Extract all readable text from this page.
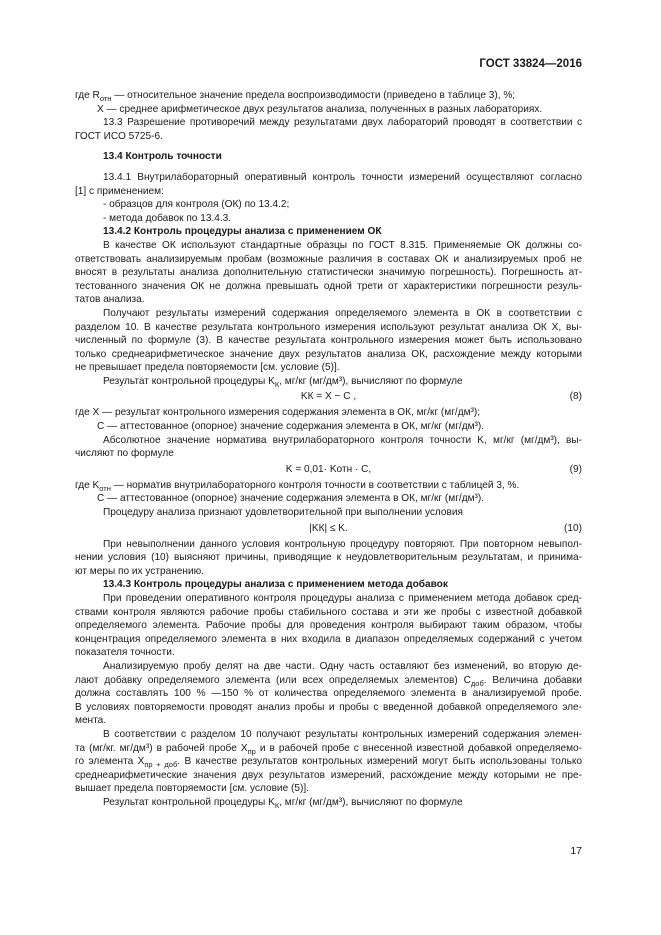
ГОСТ 33824—2016
где $R_{отн}$ — относительное значение предела воспроизводимости (приведено в таблице 3), %;
X — среднее арифметическое двух результатов анализа, полученных в разных лабораториях.
13.3 Разрешение противоречий между результатами двух лабораторий проводят в соответствии с
ГОСТ ИСО 5725-6.
13.4 Контроль точности
13.4.1 Внутрилабораторный оперативный контроль точности измерений осуществляют согласно
[1] с применением:
- образцов для контроля (ОК) по 13.4.2;
- метода добавок по 13.4.3.
13.4.2 Контроль процедуры анализа с применением ОК
В качестве ОК используют стандартные образцы по ГОСТ 8.315. Применяемые ОК должны со-
ответствовать анализируемым пробам (возможные различия в составах ОК и анализируемых проб не
вносят в результаты анализа дополнительную статистически значимую погрешность). Погрешность ат-
тестованного значения ОК не должна превышать одной трети от характеристики погрешности резуль-
татов анализа.
Получают результаты измерений содержания определяемого элемента в ОК в соответствии с
разделом 10. В качестве результата контрольного измерения используют результат анализа ОК X, вы-
численный по формуле (3). В качестве результата контрольного измерения может быть использовано
только среднеарифметическое значение двух результатов анализа ОК, расхождение между которыми
не превышает предела повторяемости [см. условие (5)].
Результат контрольной процедуры $K_К$, мг/кг (мг/дм³), вычисляют по формуле
KК = X − C ,	(8)
где X — результат контрольного измерения содержания элемента в ОК, мг/кг (мг/дм³);
C — аттестованное (опорное) значение содержания элемента в ОК, мг/кг (мг/дм³).
Абсолютное значение норматива внутрилабораторного контроля точности K, мг/кг (мг/дм³), вы-
числяют по формуле
K = 0,01· Kотн · C,	(9)
где $K_{отн}$ — норматив внутрилабораторного контроля точности в соответствии с таблицей 3, %.
C — аттестованное (опорное) значение содержания элемента в ОК, мг/кг (мг/дм³).
Процедуру анализа признают удовлетворительной при выполнении условия
|KК| ≤ K.	(10)
При невыполнении данного условия контрольную процедуру повторяют. При повторном невыпол-
нении условия (10) выясняют причины, приводящие к неудовлетворительным результатам, и принима-
ют меры по их устранению.
13.4.3 Контроль процедуры анализа с применением метода добавок
При проведении оперативного контроля процедуры анализа с применением метода добавок сред-
ствами контроля являются рабочие пробы стабильного состава и эти же пробы с известной добавкой
определяемого элемента. Рабочие пробы для проведения контроля выбирают таким образом, чтобы
концентрация определяемого элемента в них входила в диапазон определяемых содержаний с учетом
показателя точности.
Анализируемую пробу делят на две части. Одну часть оставляют без изменений, во вторую де-
лают добавку определяемого элемента (или всех определяемых элементов) $C_{доб}$. Величина добавки
должна составлять 100 % —150 % от количества определяемого элемента в анализируемой пробе.
В условиях повторяемости проводят анализ пробы и пробы с введенной добавкой определяемого эле-
мента.
В соответствии с разделом 10 получают результаты контрольных измерений содержания элемен-
та (мг/кг. мг/дм³) в рабочей пробе $X_{пр}$ и в рабочей пробе с внесенной известной добавкой определяемо-
го элемента $X_{пр + доб}$. В качестве результатов контрольных измерений могут быть использованы только
среднеарифметические значения двух результатов измерений, расхождение между которыми не пре-
вышает предела повторяемости [см. условие (5)].
Результат контрольной процедуры $K_К$, мг/кг (мг/дм³), вычисляют по формуле
17
